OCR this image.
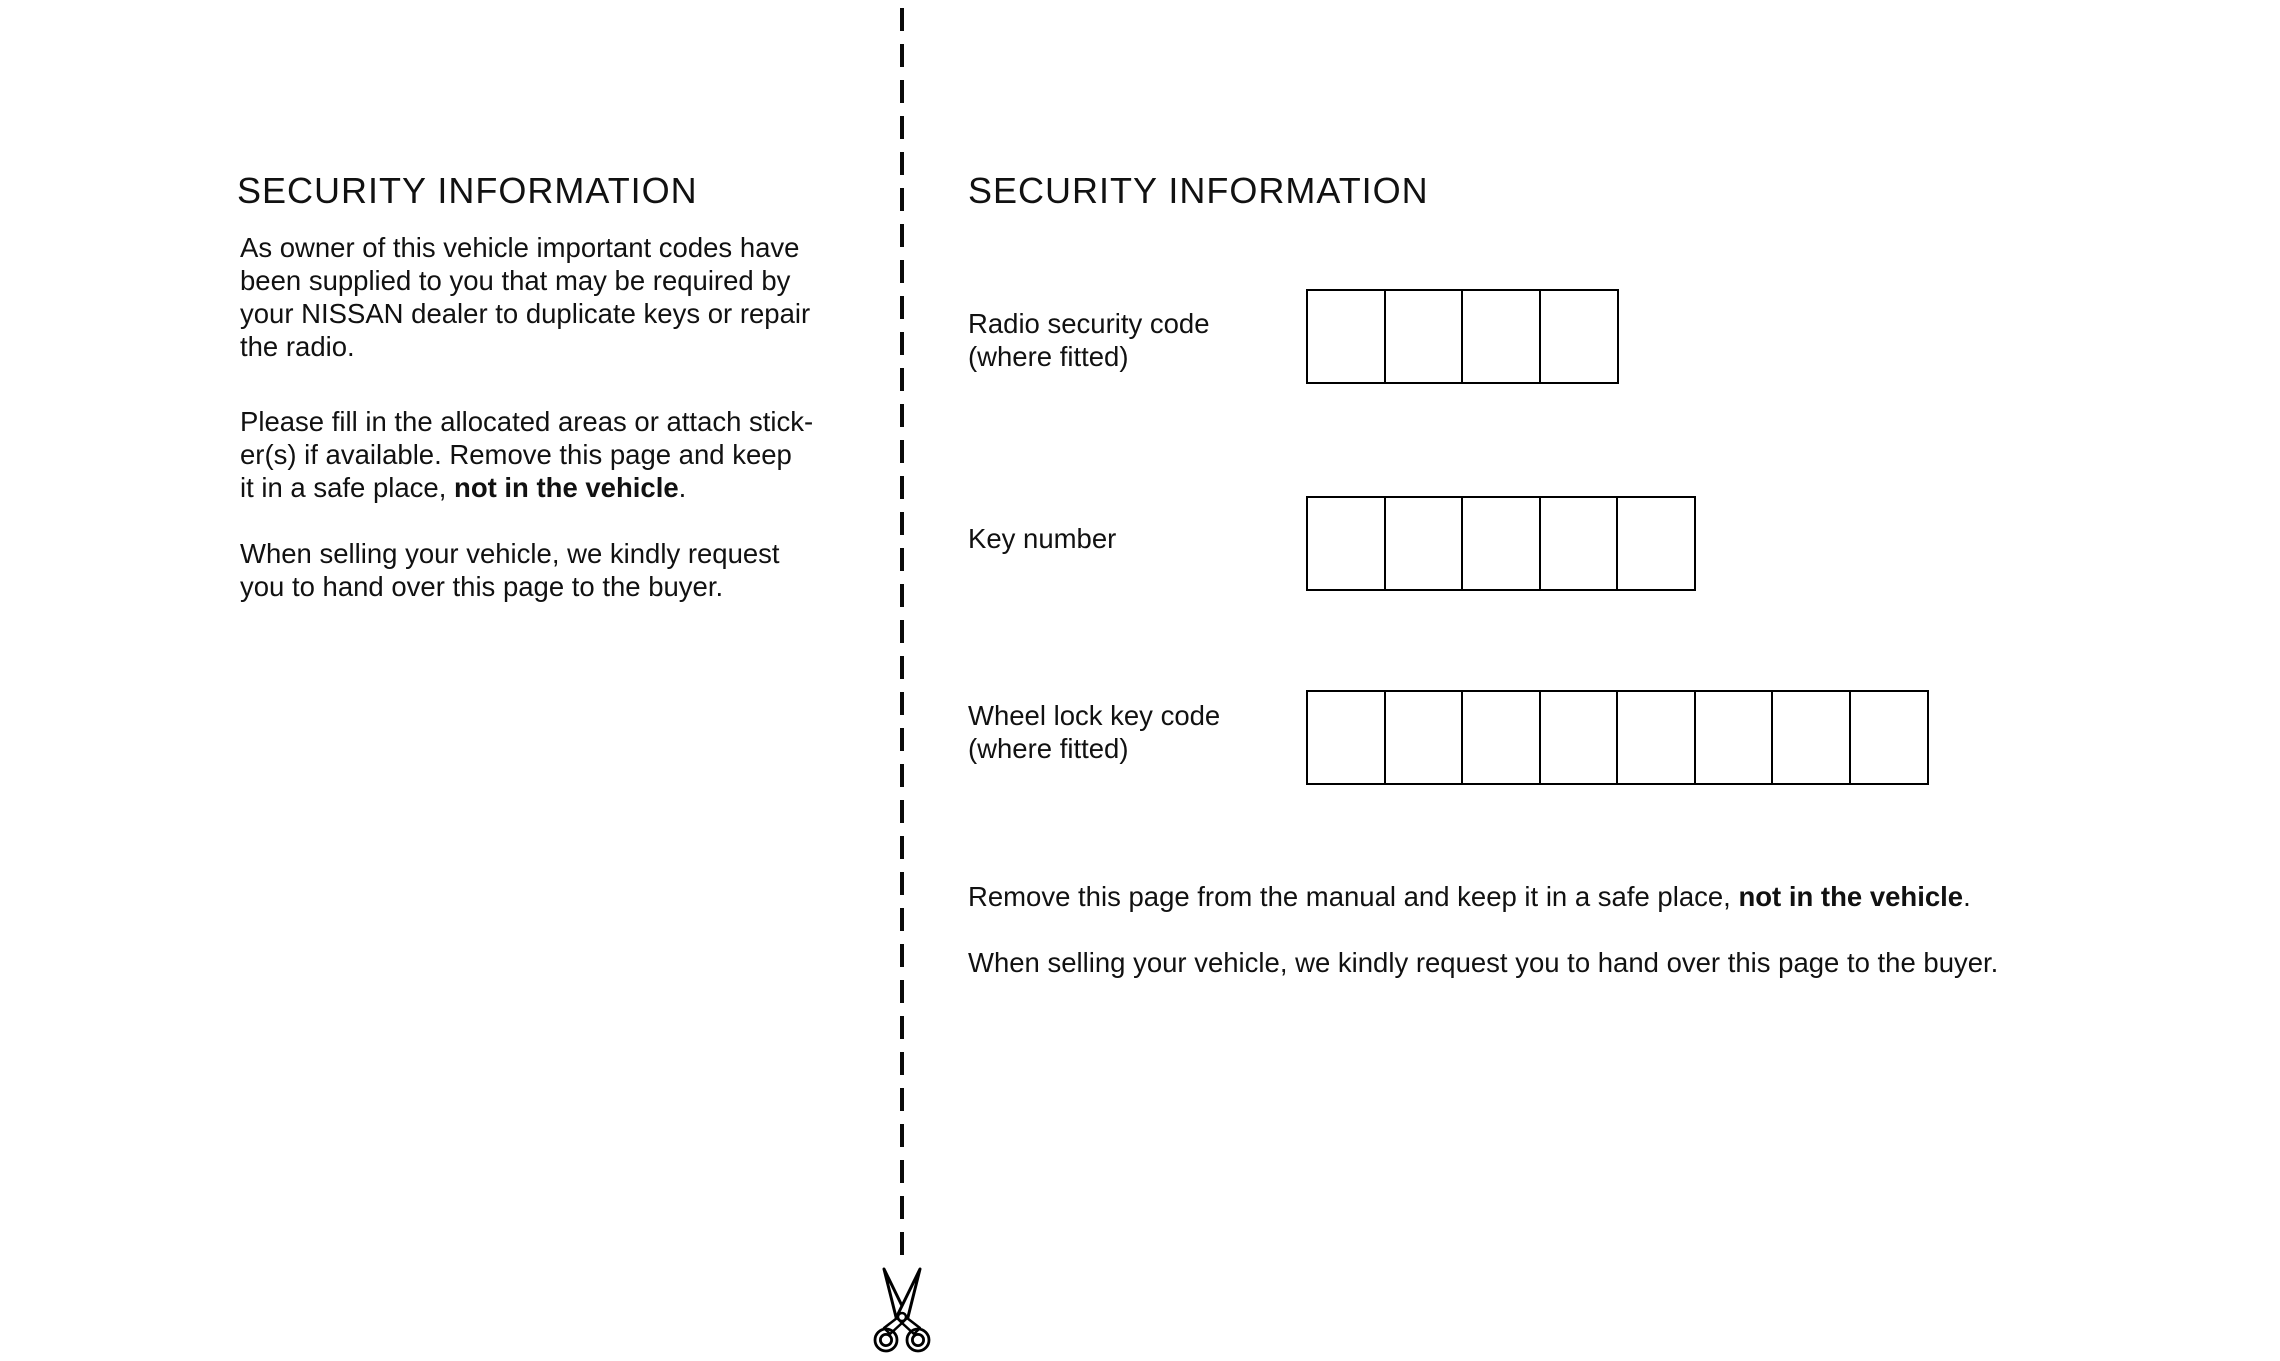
SECURITY INFORMATION
As owner of this vehicle important codes have
been supplied to you that may be required by
your NISSAN dealer to duplicate keys or repair
the radio.
Please fill in the allocated areas or attach stick-
er(s) if available. Remove this page and keep
it in a safe place, not in the vehicle.
When selling your vehicle, we kindly request
you to hand over this page to the buyer.
SECURITY INFORMATION
Radio security code
(where fitted)
Key number
Wheel lock key code
(where fitted)
Remove this page from the manual and keep it in a safe place, not in the vehicle.
When selling your vehicle, we kindly request you to hand over this page to the buyer.
